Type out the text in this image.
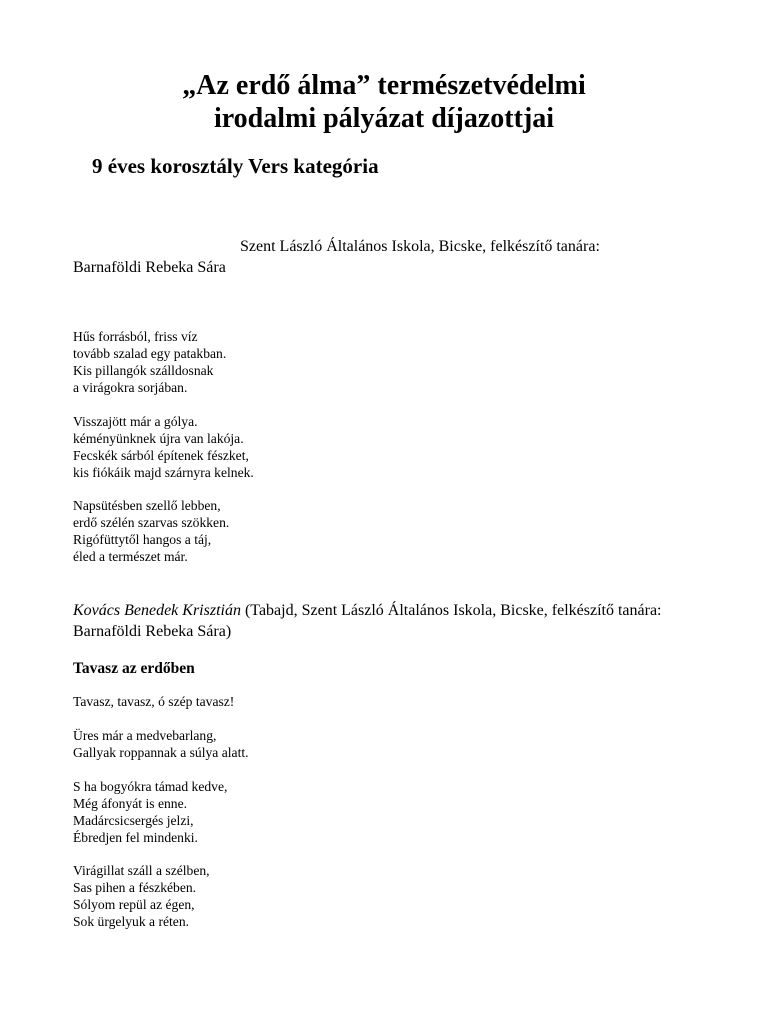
„Az erdő álma” természetvédelmi
irodalmi pályázat díjazottjai
9 éves korosztály Vers kategória
Szent László Általános Iskola, Bicske, felkészítő tanára:
Barnaföldi Rebeka Sára
Hűs forrásból, friss víz
tovább szalad egy patakban.
Kis pillangók szálldosnak
a virágokra sorjában.
Visszajött már a gólya.
kéményünknek újra van lakója.
Fecskék sárból építenek fészket,
kis fiókáik majd szárnyra kelnek.
Napsütésben szellő lebben,
erdő szélén szarvas szökken.
Rigófüttytől hangos a táj,
éled a természet már.
Kovács Benedek Krisztián (Tabajd, Szent László Általános Iskola, Bicske, felkészítő tanára: Barnaföldi Rebeka Sára)
Tavasz az erdőben
Tavasz, tavasz, ó szép tavasz!
Üres már a medvebarlang,
Gallyak roppannak a súlya alatt.
S ha bogyókra támad kedve,
Még áfonyát is enne.
Madárcsicsergés jelzi,
Ébredjen fel mindenki.
Virágillat száll a szélben,
Sas pihen a fészkében.
Sólyom repül az égen,
Sok ürgelyuk a réten.
